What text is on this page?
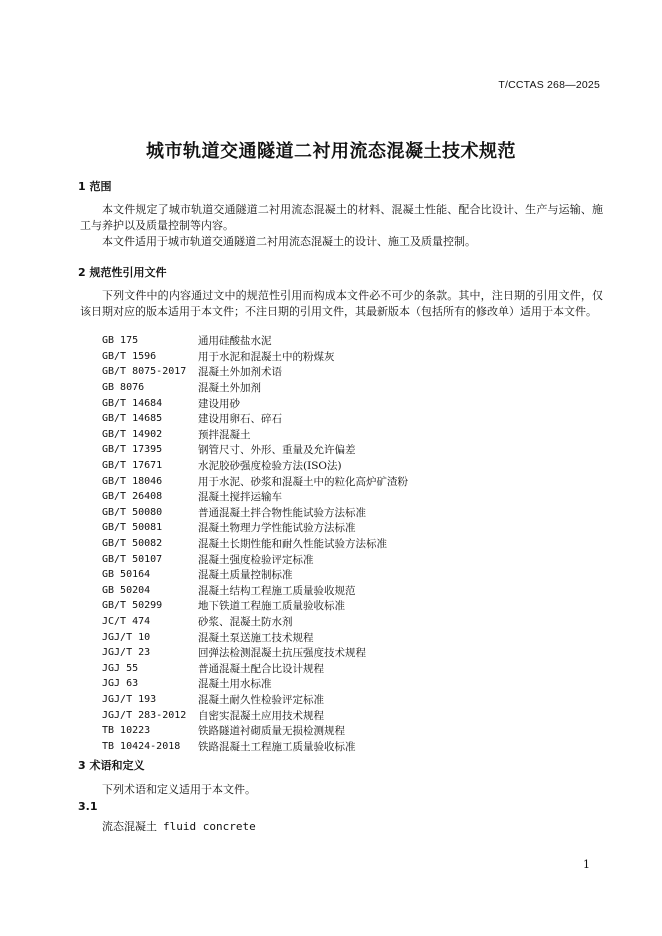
T/CCTAS 268—2025
城市轨道交通隧道二衬用流态混凝土技术规范
1 范围

本文件规定了城市轨道交通隧道二衬用流态混凝土的材料、混凝土性能、配合比设计、生产与运输、施工与养护以及质量控制等内容。

本文件适用于城市轨道交通隧道二衬用流态混凝土的设计、施工及质量控制。

2 规范性引用文件

下列文件中的内容通过文中的规范性引用而构成本文件必不可少的条款。其中，注日期的引用文件，仅该日期对应的版本适用于本文件；不注日期的引用文件，其最新版本（包括所有的修改单）适用于本文件。

GB 175	通用硅酸盐水泥
GB/T 1596	用于水泥和混凝土中的粉煤灰
GB/T 8075-2017	混凝土外加剂术语
GB 8076	混凝土外加剂
GB/T 14684	建设用砂
GB/T 14685	建设用卵石、碎石
GB/T 14902	预拌混凝土
GB/T 17395	钢管尺寸、外形、重量及允许偏差
GB/T 17671	水泥胶砂强度检验方法(ISO法)
GB/T 18046	用于水泥、砂浆和混凝土中的粒化高炉矿渣粉
GB/T 26408	混凝土搅拌运输车
GB/T 50080	普通混凝土拌合物性能试验方法标准
GB/T 50081	混凝土物理力学性能试验方法标准
GB/T 50082	混凝土长期性能和耐久性能试验方法标准
GB/T 50107	混凝土强度检验评定标准
GB 50164	混凝土质量控制标准
GB 50204	混凝土结构工程施工质量验收规范
GB/T 50299	地下铁道工程施工质量验收标准
JC/T 474	砂浆、混凝土防水剂
JGJ/T 10	混凝土泵送施工技术规程
JGJ/T 23	回弹法检测混凝土抗压强度技术规程
JGJ 55	普通混凝土配合比设计规程
JGJ 63	混凝土用水标准
JGJ/T 193	混凝土耐久性检验评定标准
JGJ/T 283-2012	自密实混凝土应用技术规程
TB 10223	铁路隧道衬砌质量无损检测规程
TB 10424-2018	铁路混凝土工程施工质量验收标准
3 术语和定义

下列术语和定义适用于本文件。

3.1
流态混凝土 fluid concrete
1
